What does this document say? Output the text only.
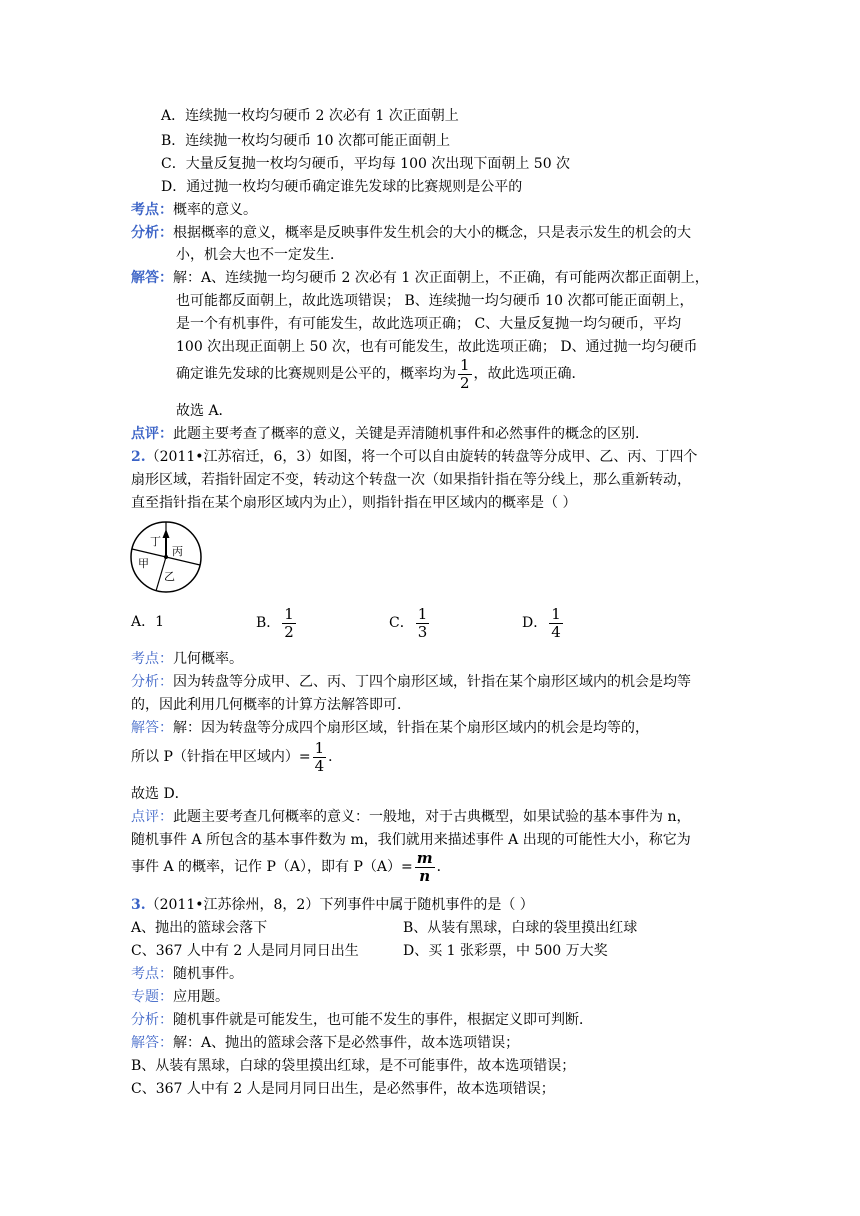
A．连续抛一枚均匀硬币 2 次必有 1 次正面朝上
B．连续抛一枚均匀硬币 10 次都可能正面朝上
C．大量反复抛一枚均匀硬币，平均每 100 次出现下面朝上 50 次
D．通过抛一枚均匀硬币确定谁先发球的比赛规则是公平的
考点：概率的意义。
分析：根据概率的意义，概率是反映事件发生机会的大小的概念，只是表示发生的机会的大
小，机会大也不一定发生．
解答：解：A、连续抛一均匀硬币 2 次必有 1 次正面朝上，不正确，有可能两次都正面朝上，
也可能都反面朝上，故此选项错误； B、连续抛一均匀硬币 10 次都可能正面朝上，
是一个有机事件，有可能发生，故此选项正确； C、大量反复抛一均匀硬币，平均
100 次出现正面朝上 50 次，也有可能发生，故此选项正确； D、通过抛一均匀硬币
确定谁先发球的比赛规则是公平的，概率均为 $\frac{1}{2}$ ，故此选项正确．
故选 A．
点评：此题主要考查了概率的意义，关键是弄清随机事件和必然事件的概念的区别．
2.（2011•江苏宿迁，6，3）如图，将一个可以自由旋转的转盘等分成甲、乙、丙、丁四个
扇形区域，若指针固定不变，转动这个转盘一次（如果指针指在等分线上，那么重新转动，
直至指针指在某个扇形区域内为止），则指针指在甲区域内的概率是（ ）
丁
丙
甲
乙
A．1	B． $\frac{1}{2}$	C． $\frac{1}{3}$	D． $\frac{1}{4}$
考点：几何概率。
分析：因为转盘等分成甲、乙、丙、丁四个扇形区域，针指在某个扇形区域内的机会是均等
的，因此利用几何概率的计算方法解答即可．
解答：解：因为转盘等分成四个扇形区域，针指在某个扇形区域内的机会是均等的，
所以 P（针指在甲区域内）= $\frac{1}{4}$ ．
故选 D．
点评：此题主要考查几何概率的意义：一般地，对于古典概型，如果试验的基本事件为 n，
随机事件 A 所包含的基本事件数为 m，我们就用来描述事件 A 出现的可能性大小，称它为
事件 A 的概率，记作 P（A），即有 $P(A)= \frac{m}{n}$ ．
3.（2011•江苏徐州，8，2）下列事件中属于随机事件的是（ ）
A、抛出的篮球会落下	B、从装有黑球，白球的袋里摸出红球
C、367 人中有 2 人是同月同日出生	D、买 1 张彩票，中 500 万大奖
考点：随机事件。
专题：应用题。
分析：随机事件就是可能发生，也可能不发生的事件，根据定义即可判断．
解答：解：A、抛出的篮球会落下是必然事件，故本选项错误；
B、从装有黑球，白球的袋里摸出红球，是不可能事件，故本选项错误；
C、367 人中有 2 人是同月同日出生，是必然事件，故本选项错误；
